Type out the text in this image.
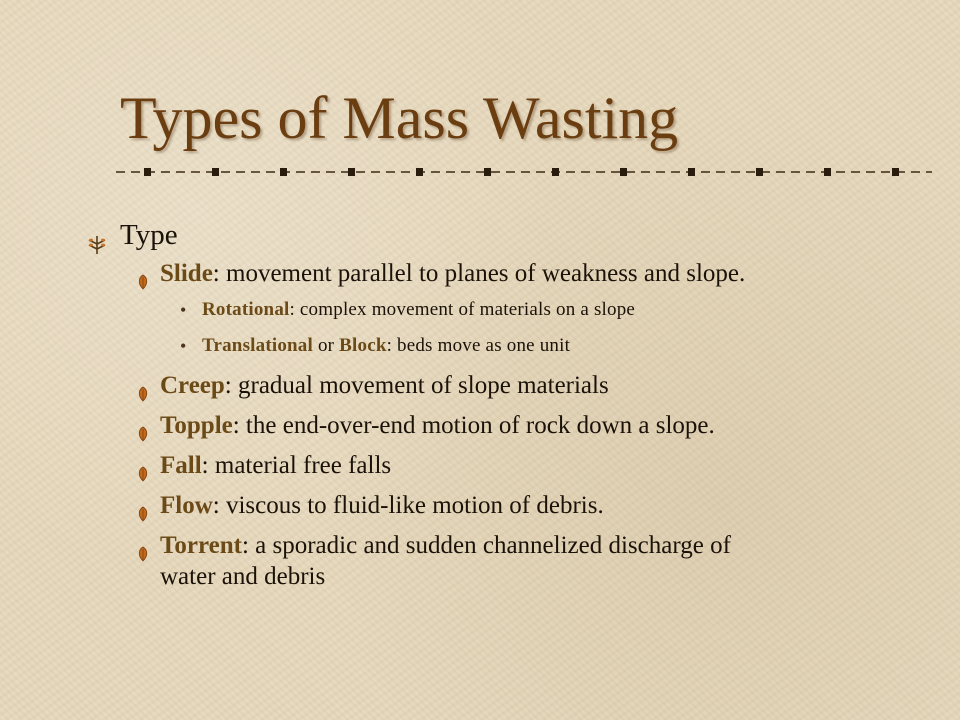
Types of Mass Wasting
Type
Slide: movement parallel to planes of weakness and slope.
• Rotational: complex movement of materials on a slope
• Translational or Block: beds move as one unit
Creep: gradual movement of slope materials
Topple: the end-over-end motion of rock down a slope.
Fall: material free falls
Flow: viscous to fluid-like motion of debris.
Torrent: a sporadic and sudden channelized discharge of
water and debris
